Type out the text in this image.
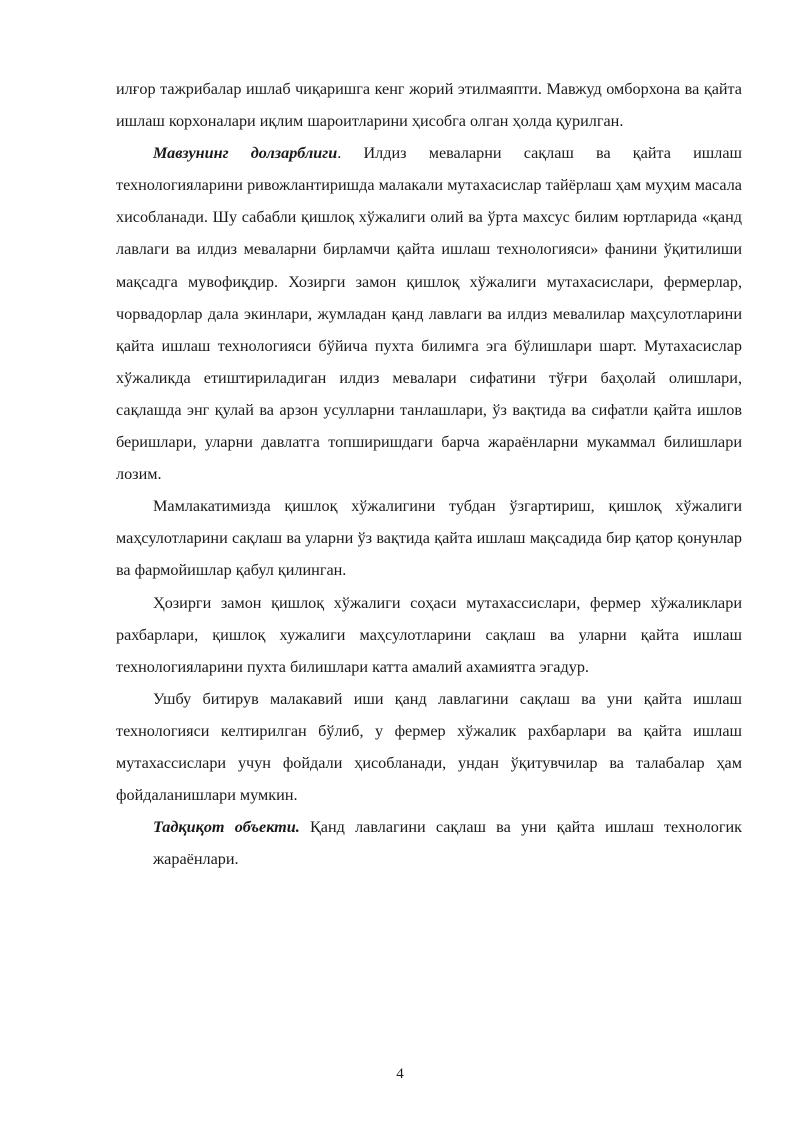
илғор тажрибалар ишлаб чиқаришга кенг жорий этилмаяпти. Мавжуд омборхона ва қайта ишлаш корхоналари иқлим шароитларини ҳисобга олган ҳолда қурилган.

Мавзунинг долзарблиги. Илдиз меваларни сақлаш ва қайта ишлаш технологияларини ривожлантиришда малакали мутахасислар тайёрлаш ҳам муҳим масала хисобланади. Шу сабабли қишлоқ хўжалиги олий ва ўрта махсус билим юртларида «қанд лавлаги ва илдиз меваларни бирламчи қайта ишлаш технологияси» фанини ўқитилиши мақсадга мувофиқдир. Хозирги замон қишлоқ хўжалиги мутахасислари, фермерлар, чорвадорлар дала экинлари, жумладан қанд лавлаги ва илдиз мевалилар маҳсулотларини қайта ишлаш технологияси бўйича пухта билимга эга бўлишлари шарт. Мутахасислар хўжаликда етиштириладиган илдиз мевалари сифатини тўғри баҳолай олишлари, сақлашда энг қулай ва арзон усулларни танлашлари, ўз вақтида ва сифатли қайта ишлов беришлари, уларни давлатга топширишдаги барча жараёнларни мукаммал билишлари лозим.

Мамлакатимизда қишлоқ хўжалигини тубдан ўзгартириш, қишлоқ хўжалиги маҳсулотларини сақлаш ва уларни ўз вақтида қайта ишлаш мақсадида бир қатор қонунлар ва фармойишлар қабул қилинган.

Ҳозирги замон қишлоқ хўжалиги соҳаси мутахассислари, фермер хўжаликлари рахбарлари, қишлоқ хужалиги маҳсулотларини сақлаш ва уларни қайта ишлаш технологияларини пухта билишлари катта амалий ахамиятга эгадур.

Ушбу битирув малакавий иши қанд лавлагини сақлаш ва уни қайта ишлаш технологияси келтирилган бўлиб, у фермер хўжалик рахбарлари ва қайта ишлаш мутахассислари учун фойдали ҳисобланади, ундан ўқитувчилар ва талабалар ҳам фойдаланишлари мумкин.

Тадқиқот объекти. Қанд лавлагини сақлаш ва уни қайта ишлаш технологик жараёнлари.

4
